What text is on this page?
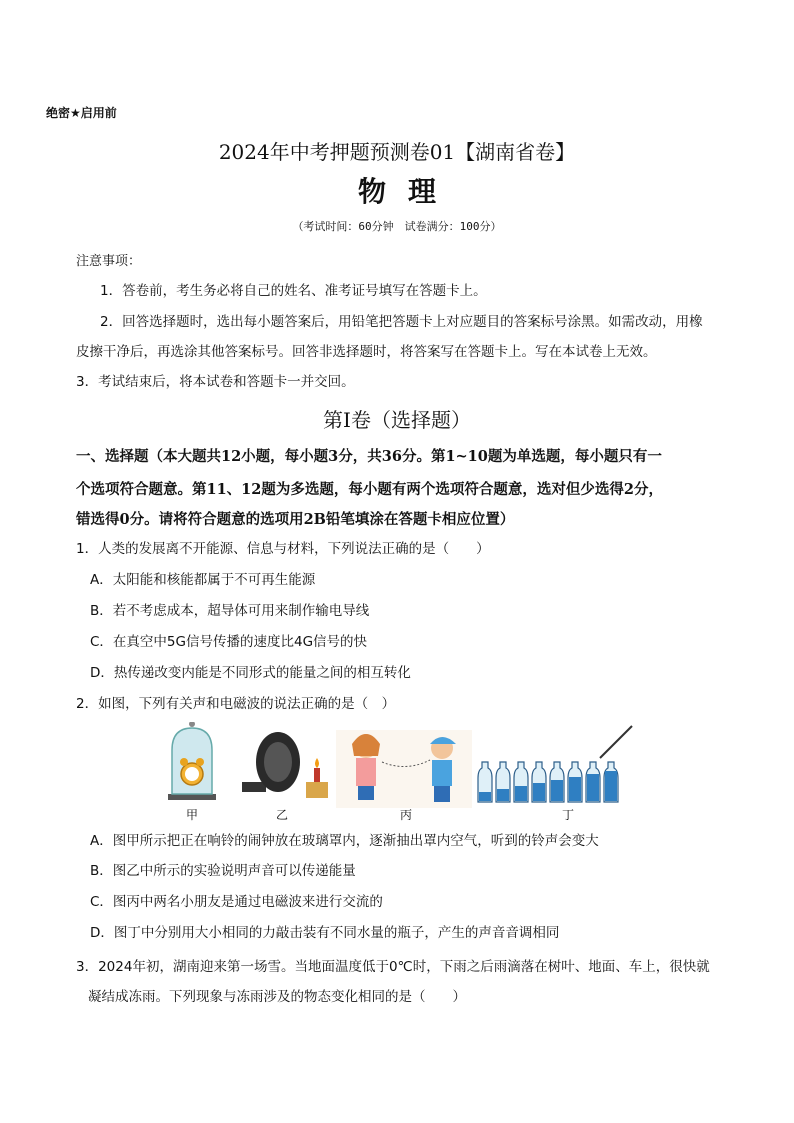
绝密★启用前
2024年中考押题预测卷01【湖南省卷】
物理
（考试时间：60分钟　试卷满分：100分）
注意事项：
1．答卷前，考生务必将自己的姓名、准考证号填写在答题卡上。
2．回答选择题时，选出每小题答案后，用铅笔把答题卡上对应题目的答案标号涂黑。如需改动，用橡
皮擦干净后，再选涂其他答案标号。回答非选择题时，将答案写在答题卡上。写在本试卷上无效。
3．考试结束后，将本试卷和答题卡一并交回。
第Ⅰ卷（选择题）
一、选择题（本大题共12小题，每小题3分，共36分。第1~10题为单选题，每小题只有一
个选项符合题意。第11、12题为多选题，每小题有两个选项符合题意，选对但少选得2分，
错选得0分。请将符合题意的选项用2B铅笔填涂在答题卡相应位置）
1．人类的发展离不开能源、信息与材料，下列说法正确的是（　　）
A．太阳能和核能都属于不可再生能源
B．若不考虑成本，超导体可用来制作输电导线
C．在真空中5G信号传播的速度比4G信号的快
D．热传递改变内能是不同形式的能量之间的相互转化
2．如图，下列有关声和电磁波的说法正确的是（　）
甲	乙	丙	丁
A．图甲所示把正在响铃的闹钟放在玻璃罩内，逐渐抽出罩内空气，听到的铃声会变大
B．图乙中所示的实验说明声音可以传递能量
C．图丙中两名小朋友是通过电磁波来进行交流的
D．图丁中分别用大小相同的力敲击装有不同水量的瓶子，产生的声音音调相同
3．2024年初，湖南迎来第一场雪。当地面温度低于0℃时，下雨之后雨滴落在树叶、地面、车上，很快就
凝结成冻雨。下列现象与冻雨涉及的物态变化相同的是（　　）
